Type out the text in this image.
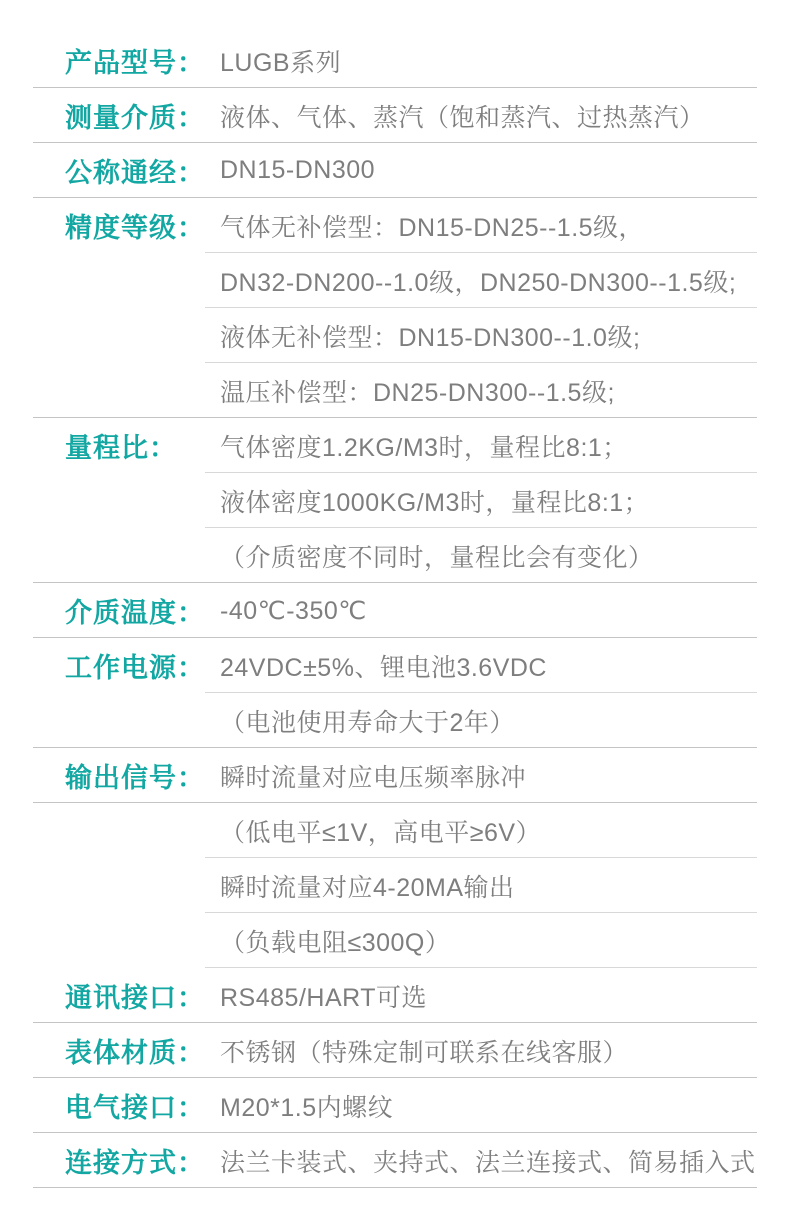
产品型号： LUGB系列
测量介质： 液体、气体、蒸汽（饱和蒸汽、过热蒸汽）
公称通经： DN15-DN300
精度等级： 气体无补偿型：DN15-DN25--1.5级，
DN32-DN200--1.0级，DN250-DN300--1.5级;
液体无补偿型：DN15-DN300--1.0级;
温压补偿型：DN25-DN300--1.5级;
量程比： 气体密度1.2KG/M3时，量程比8:1；
液体密度1000KG/M3时，量程比8:1；
（介质密度不同时，量程比会有变化）
介质温度： -40℃-350℃
工作电源： 24VDC±5%、锂电池3.6VDC
（电池使用寿命大于2年）
输出信号： 瞬时流量对应电压频率脉冲
（低电平≤1V，高电平≥6V）
瞬时流量对应4-20MA输出
（负载电阻≤300Q）
通讯接口： RS485/HART可选
表体材质： 不锈钢（特殊定制可联系在线客服）
电气接口： M20*1.5内螺纹
连接方式： 法兰卡装式、夹持式、法兰连接式、简易插入式
